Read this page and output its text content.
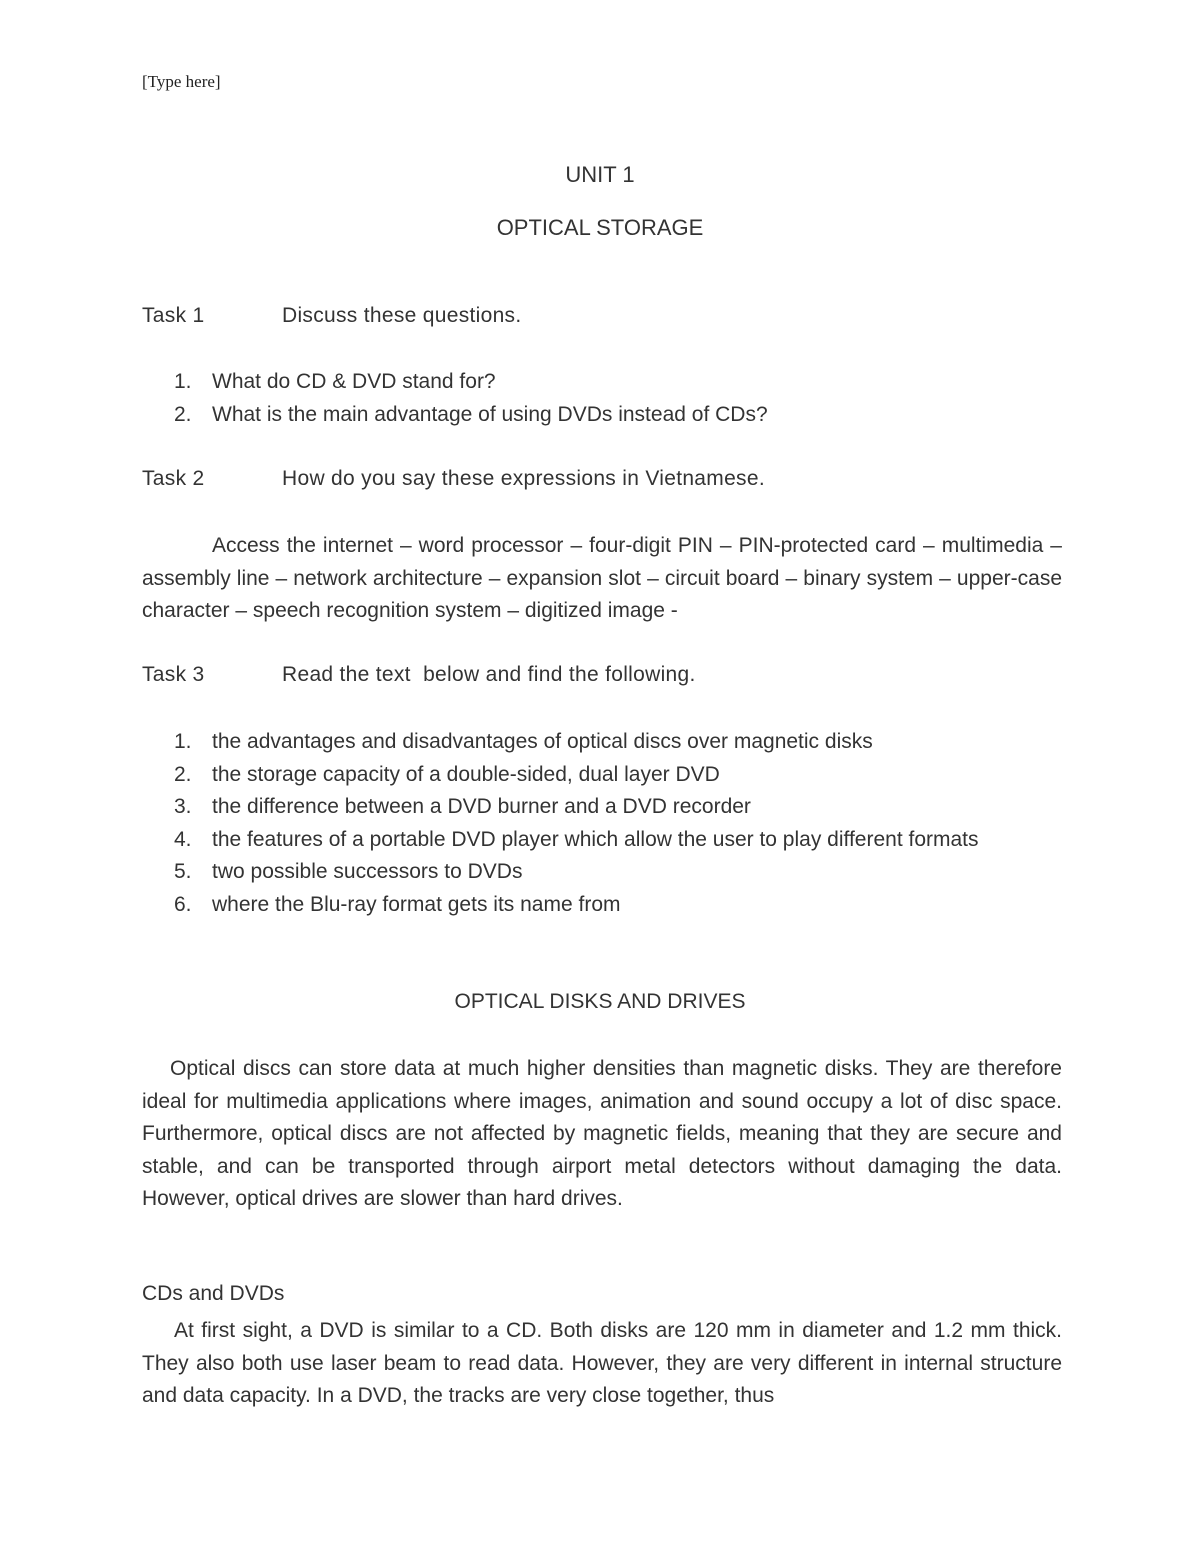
[Type here]
UNIT 1
OPTICAL STORAGE
Task 1	Discuss these questions.
1. What do CD & DVD stand for?
2. What is the main advantage of using DVDs instead of CDs?
Task 2	How do you say these expressions in Vietnamese.

Access the internet – word processor – four-digit PIN – PIN-protected card – multimedia – assembly line – network architecture – expansion slot – circuit board – binary system – upper-case character – speech recognition system – digitized image -

Task 3	Read the text  below and find the following.
1. the advantages and disadvantages of optical discs over magnetic disks
2. the storage capacity of a double-sided, dual layer DVD
3. the difference between a DVD burner and a DVD recorder
4. the features of a portable DVD player which allow the user to play different formats
5. two possible successors to DVDs
6. where the Blu-ray format gets its name from
OPTICAL DISKS AND DRIVES

Optical discs can store data at much higher densities than magnetic disks. They are therefore ideal for multimedia applications where images, animation and sound occupy a lot of disc space. Furthermore, optical discs are not affected by magnetic fields, meaning that they are secure and stable, and can be transported through airport metal detectors without damaging the data. However, optical drives are slower than hard drives.

CDs and DVDs

At first sight, a DVD is similar to a CD. Both disks are 120 mm in diameter and 1.2 mm thick. They also both use laser beam to read data. However, they are very different in internal structure and data capacity. In a DVD, the tracks are very close together, thus
